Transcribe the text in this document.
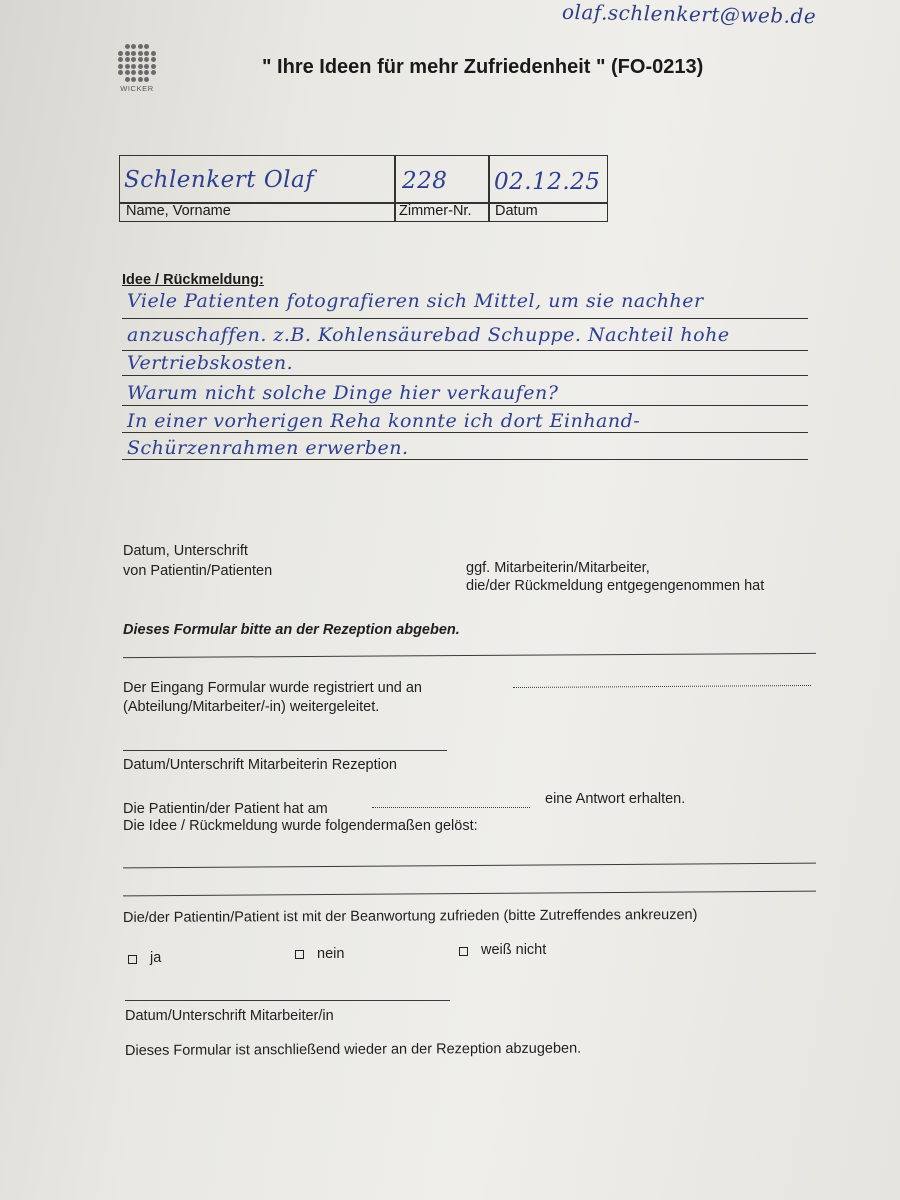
olaf.schlenkert@web.de
WICKER
" Ihre Ideen für mehr Zufriedenheit " (FO-0213)
Schlenkert Olaf	228 02.12.25
Name, Vorname	Zimmer-Nr. Datum
Idee / Rückmeldung:
Viele Patienten fotografieren sich Mittel, um sie nachher
anzuschaffen. z.B. Kohlensäurebad Schuppe. Nachteil hohe
Vertriebskosten.
Warum nicht solche Dinge hier verkaufen?
In einer vorherigen Reha konnte ich dort Einhand-
Schürzenrahmen erwerben.
Datum, Unterschrift
von Patientin/Patienten	ggf. Mitarbeiterin/Mitarbeiter,
die/der Rückmeldung entgegengenommen hat
Dieses Formular bitte an der Rezeption abgeben.
Der Eingang Formular wurde registriert und an
(Abteilung/Mitarbeiter/-in) weitergeleitet.
Datum/Unterschrift Mitarbeiterin Rezeption
Die Patientin/der Patient hat am
eine Antwort erhalten.
Die Idee / Rückmeldung wurde folgendermaßen gelöst:
Die/der Patientin/Patient ist mit der Beanwortung zufrieden (bitte Zutreffendes ankreuzen)
ja	nein	weiß nicht
Datum/Unterschrift Mitarbeiter/in
Dieses Formular ist anschließend wieder an der Rezeption abzugeben.
